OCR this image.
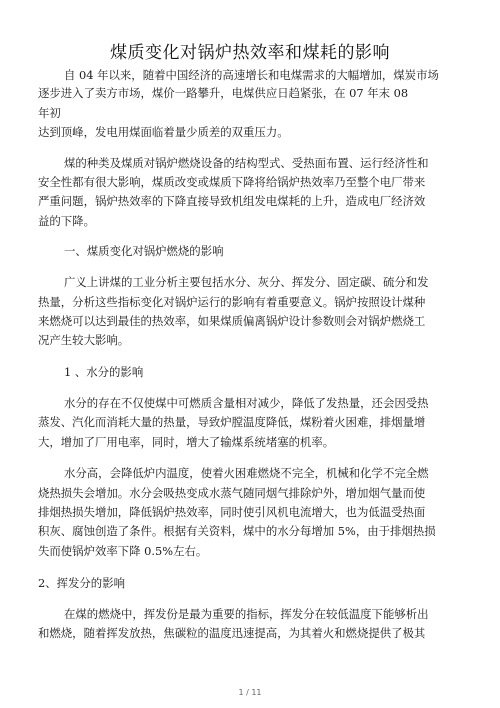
煤质变化对锅炉热效率和煤耗的影响
自 04 年以来，随着中国经济的高速增长和电煤需求的大幅增加，煤炭市场
逐步进入了卖方市场，煤价一路攀升，电煤供应日趋紧张，在 07 年末 08
年初
达到顶峰，发电用煤面临着量少质差的双重压力。
煤的种类及煤质对锅炉燃烧设备的结构型式、受热面布置、运行经济性和
安全性都有很大影响，煤质改变或煤质下降将给锅炉热效率乃至整个电厂带来
严重问题，锅炉热效率的下降直接导致机组发电煤耗的上升，造成电厂经济效
益的下降。
一、煤质变化对锅炉燃烧的影响
广义上讲煤的工业分析主要包括水分、灰分、挥发分、固定碳、硫分和发
热量，分析这些指标变化对锅炉运行的影响有着重要意义。锅炉按照设计煤种
来燃烧可以达到最佳的热效率，如果煤质偏离锅炉设计参数则会对锅炉燃烧工
况产生较大影响。
1 、水分的影响
水分的存在不仅使煤中可燃质含量相对减少，降低了发热量，还会因受热
蒸发、汽化而消耗大量的热量，导致炉膛温度降低，煤粉着火困难，排烟量增
大，增加了厂用电率，同时，增大了输煤系统堵塞的机率。
水分高，会降低炉内温度，使着火困难燃烧不完全，机械和化学不完全燃
烧热损失会增加。水分会吸热变成水蒸气随同烟气排除炉外，增加烟气量而使
排烟热损失增加，降低锅炉热效率，同时使引风机电流增大，也为低温受热面
积灰、腐蚀创造了条件。根据有关资料，煤中的水分每增加 5%，由于排烟热损
失而使锅炉效率下降 0.5%左右。
2、挥发分的影响
在煤的燃烧中，挥发份是最为重要的指标，挥发分在较低温度下能够析出
和燃烧，随着挥发放热，焦碳粒的温度迅速提高，为其着火和燃烧提供了极其
1 / 11
